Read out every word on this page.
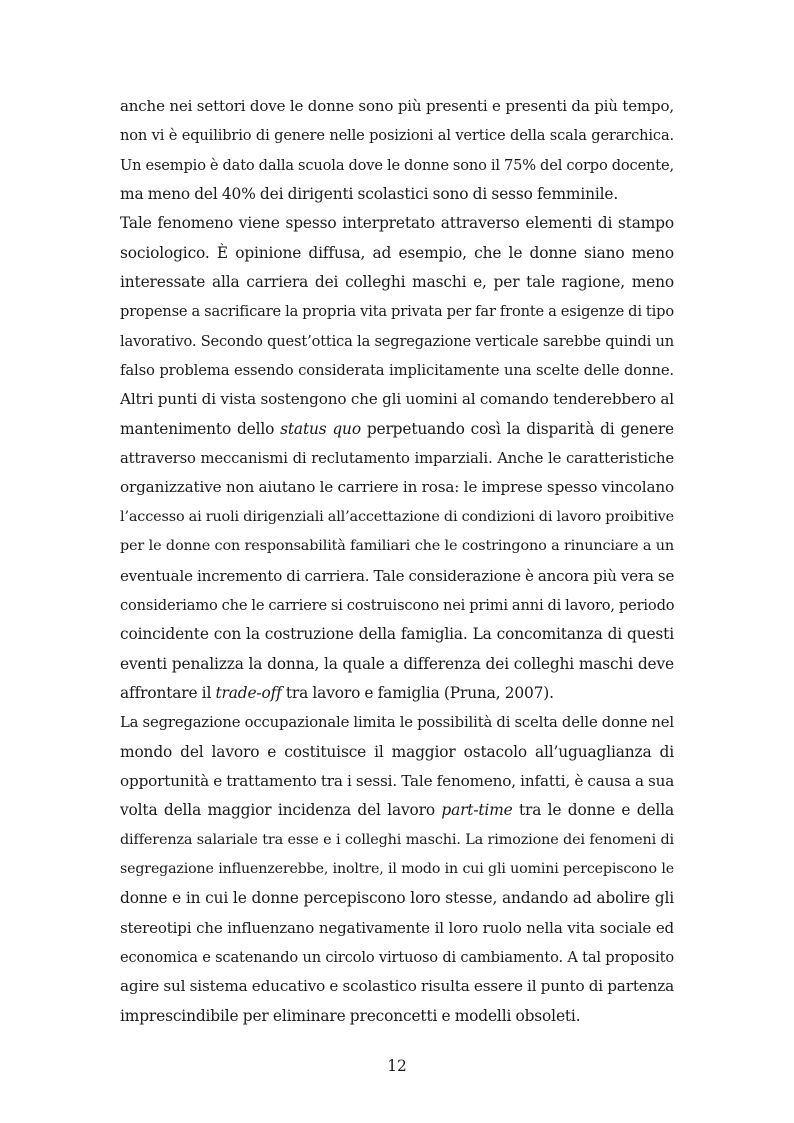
anche nei settori dove le donne sono più presenti e presenti da più tempo,
non vi è equilibrio di genere nelle posizioni al vertice della scala gerarchica.
Un esempio è dato dalla scuola dove le donne sono il 75% del corpo docente,
ma meno del 40% dei dirigenti scolastici sono di sesso femminile.
Tale fenomeno viene spesso interpretato attraverso elementi di stampo
sociologico. È opinione diffusa, ad esempio, che le donne siano meno
interessate alla carriera dei colleghi maschi e, per tale ragione, meno
propense a sacrificare la propria vita privata per far fronte a esigenze di tipo
lavorativo. Secondo quest’ottica la segregazione verticale sarebbe quindi un
falso problema essendo considerata implicitamente una scelte delle donne.
Altri punti di vista sostengono che gli uomini al comando tenderebbero al
mantenimento dello status quo perpetuando così la disparità di genere
attraverso meccanismi di reclutamento imparziali. Anche le caratteristiche
organizzative non aiutano le carriere in rosa: le imprese spesso vincolano
l’accesso ai ruoli dirigenziali all’accettazione di condizioni di lavoro proibitive
per le donne con responsabilità familiari che le costringono a rinunciare a un
eventuale incremento di carriera. Tale considerazione è ancora più vera se
consideriamo che le carriere si costruiscono nei primi anni di lavoro, periodo
coincidente con la costruzione della famiglia. La concomitanza di questi
eventi penalizza la donna, la quale a differenza dei colleghi maschi deve
affrontare il trade-off tra lavoro e famiglia (Pruna, 2007).
La segregazione occupazionale limita le possibilità di scelta delle donne nel
mondo del lavoro e costituisce il maggior ostacolo all’uguaglianza di
opportunità e trattamento tra i sessi. Tale fenomeno, infatti, è causa a sua
volta della maggior incidenza del lavoro part-time tra le donne e della
differenza salariale tra esse e i colleghi maschi. La rimozione dei fenomeni di
segregazione influenzerebbe, inoltre, il modo in cui gli uomini percepiscono le
donne e in cui le donne percepiscono loro stesse, andando ad abolire gli
stereotipi che influenzano negativamente il loro ruolo nella vita sociale ed
economica e scatenando un circolo virtuoso di cambiamento. A tal proposito
agire sul sistema educativo e scolastico risulta essere il punto di partenza
imprescindibile per eliminare preconcetti e modelli obsoleti.
12
